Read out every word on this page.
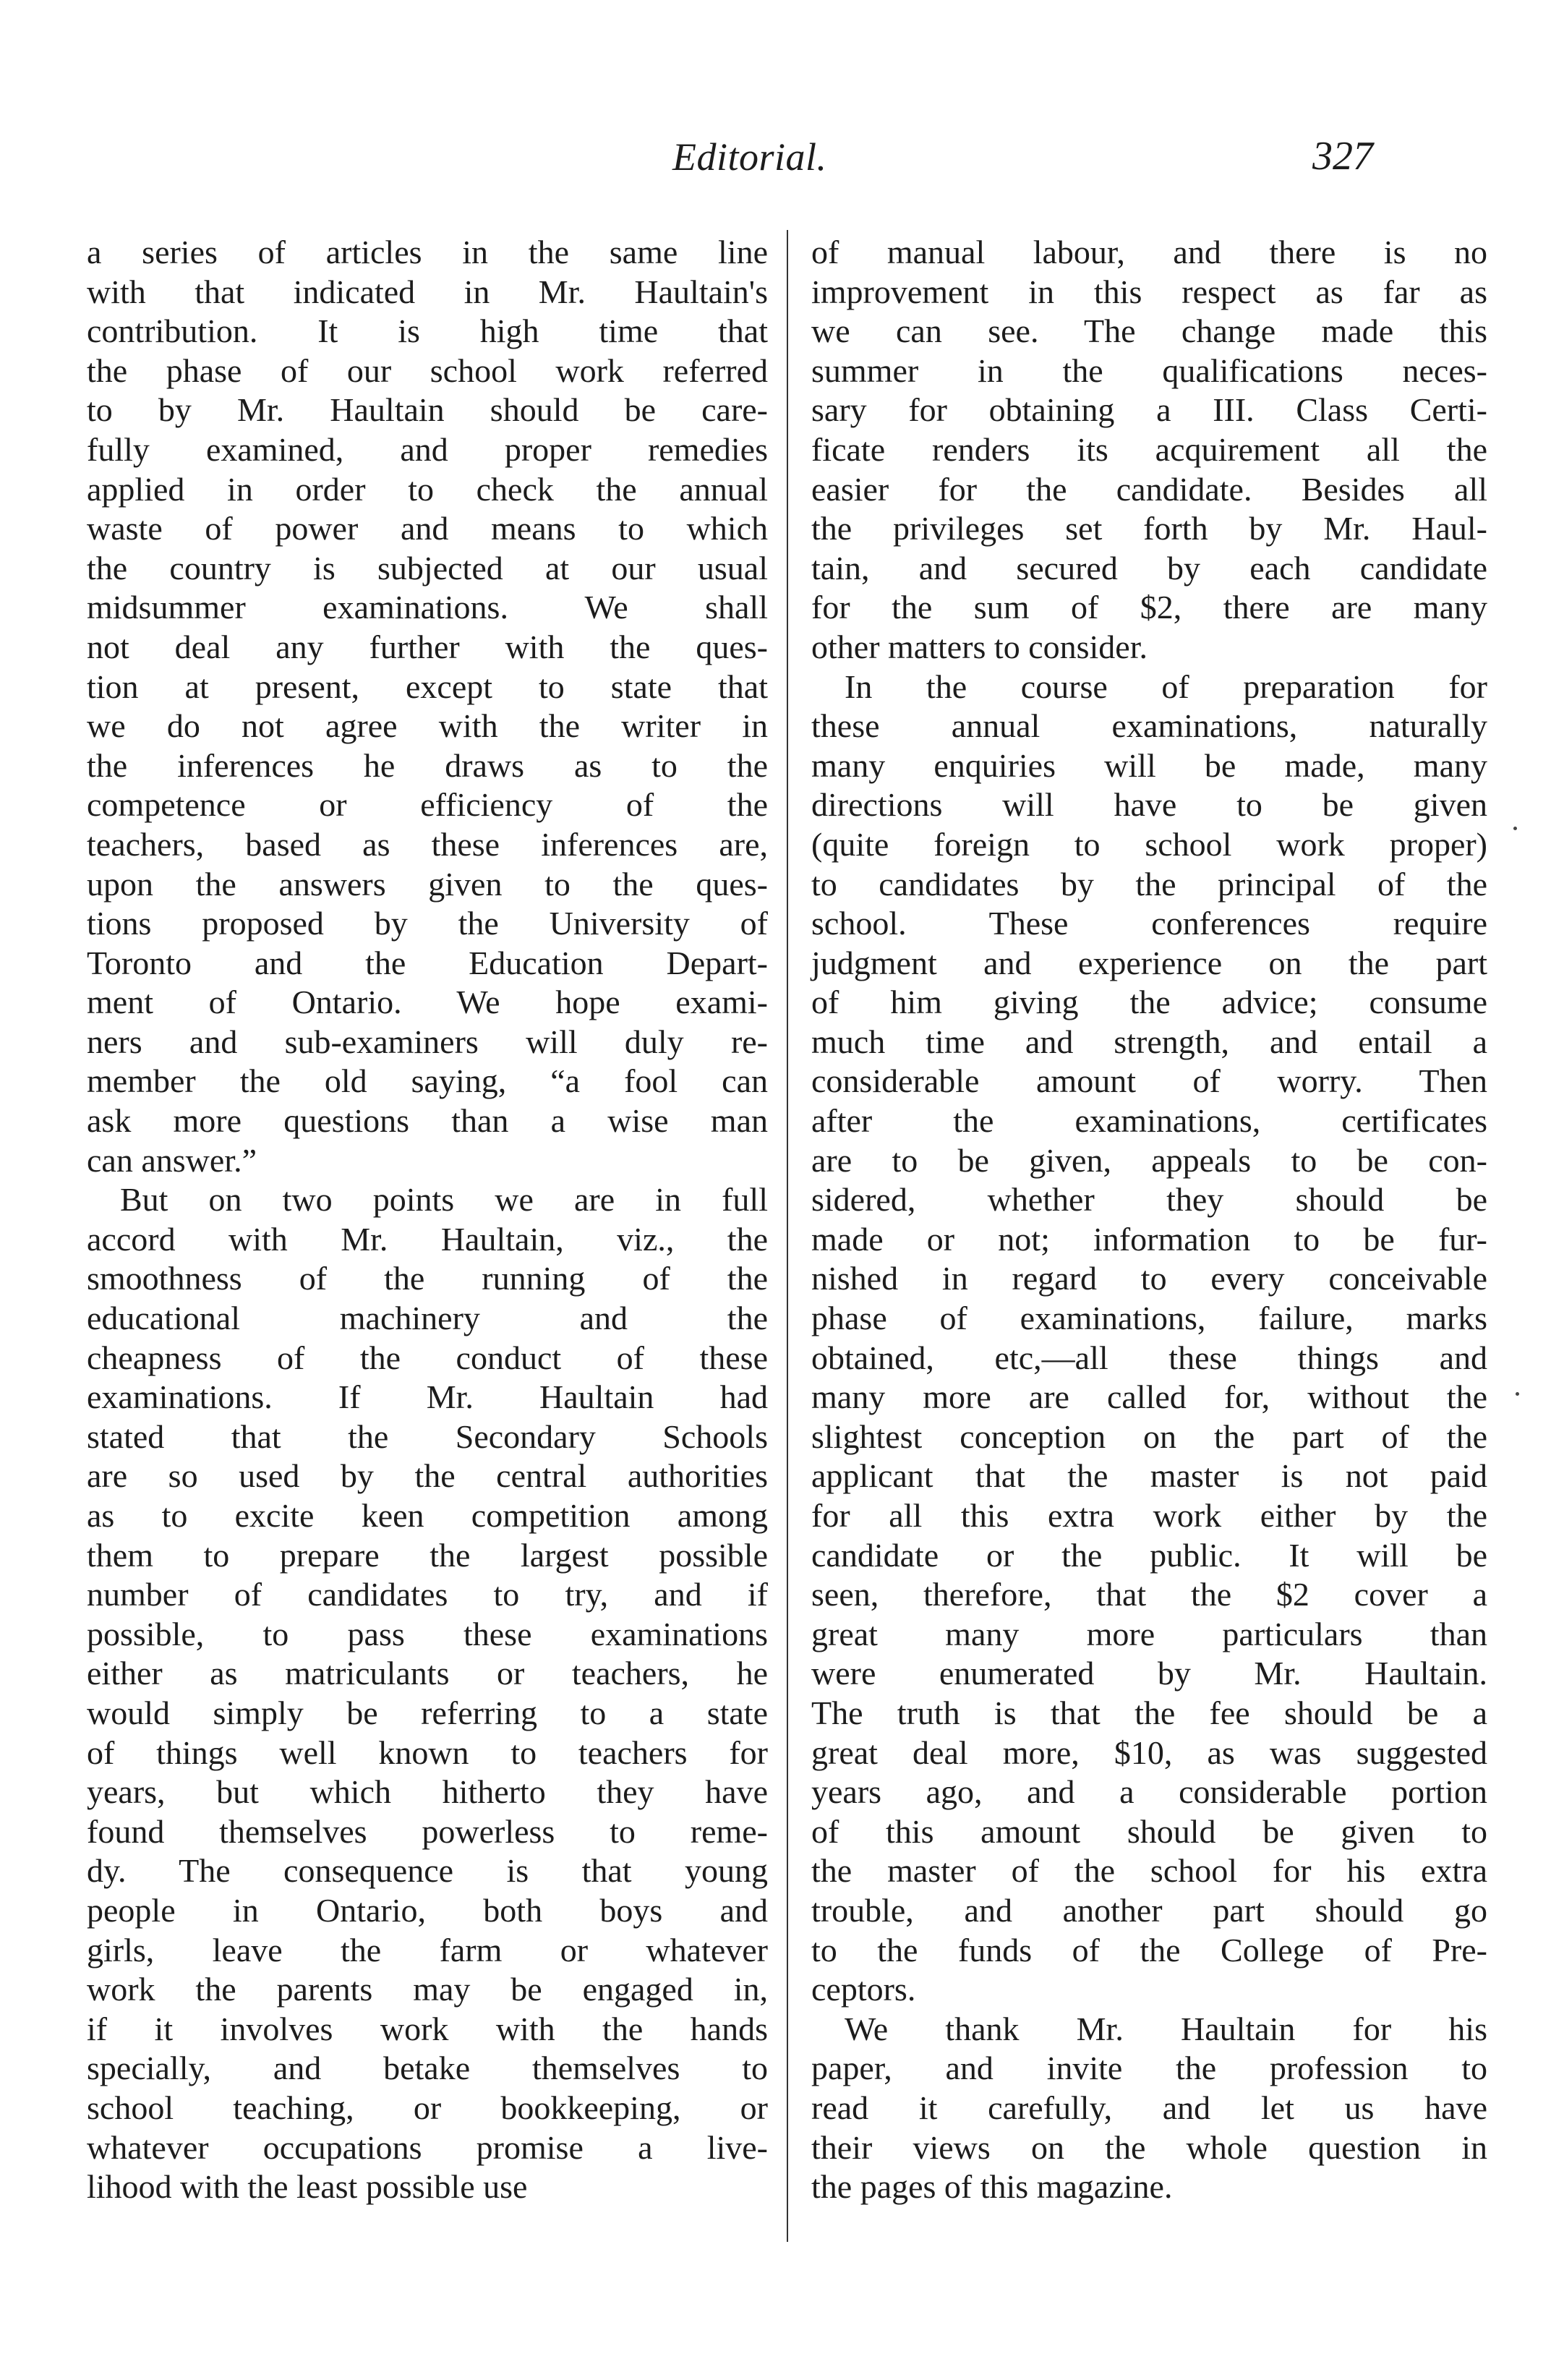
Editorial.	327
a series of articles in the same line
with that indicated in Mr. Haultain's
contribution. It is high time that
the phase of our school work referred
to by Mr. Haultain should be care-
fully examined, and proper remedies
applied in order to check the annual
waste of power and means to which
the country is subjected at our usual
midsummer examinations. We shall
not deal any further with the ques-
tion at present, except to state that
we do not agree with the writer in
the inferences he draws as to the
competence or efficiency of the
teachers, based as these inferences are,
upon the answers given to the ques-
tions proposed by the University of
Toronto and the Education Depart-
ment of Ontario. We hope exami-
ners and sub-examiners will duly re-
member the old saying, “a fool can
ask more questions than a wise man
can answer.”
But on two points we are in full
accord with Mr. Haultain, viz., the
smoothness of the running of the
educational machinery and the
cheapness of the conduct of these
examinations. If Mr. Haultain had
stated that the Secondary Schools
are so used by the central authorities
as to excite keen competition among
them to prepare the largest possible
number of candidates to try, and if
possible, to pass these examinations
either as matriculants or teachers, he
would simply be referring to a state
of things well known to teachers for
years, but which hitherto they have
found themselves powerless to reme-
dy. The consequence is that young
people in Ontario, both boys and
girls, leave the farm or whatever
work the parents may be engaged in,
if it involves work with the hands
specially, and betake themselves to
school teaching, or bookkeeping, or
whatever occupations promise a live-
lihood with the least possible use
of manual labour, and there is no
improvement in this respect as far as
we can see. The change made this
summer in the qualifications neces-
sary for obtaining a III. Class Certi-
ficate renders its acquirement all the
easier for the candidate. Besides all
the privileges set forth by Mr. Haul-
tain, and secured by each candidate
for the sum of $2, there are many
other matters to consider.
In the course of preparation for
these annual examinations, naturally
many enquiries will be made, many
directions will have to be given
(quite foreign to school work proper)
to candidates by the principal of the
school. These conferences require
judgment and experience on the part
of him giving the advice; consume
much time and strength, and entail a
considerable amount of worry. Then
after the examinations, certificates
are to be given, appeals to be con-
sidered, whether they should be
made or not; information to be fur-
nished in regard to every conceivable
phase of examinations, failure, marks
obtained, etc,—all these things and
many more are called for, without the
slightest conception on the part of the
applicant that the master is not paid
for all this extra work either by the
candidate or the public. It will be
seen, therefore, that the $2 cover a
great many more particulars than
were enumerated by Mr. Haultain.
The truth is that the fee should be a
great deal more, $10, as was suggested
years ago, and a considerable portion
of this amount should be given to
the master of the school for his extra
trouble, and another part should go
to the funds of the College of Pre-
ceptors.
We thank Mr. Haultain for his
paper, and invite the profession to
read it carefully, and let us have
their views on the whole question in
the pages of this magazine.
